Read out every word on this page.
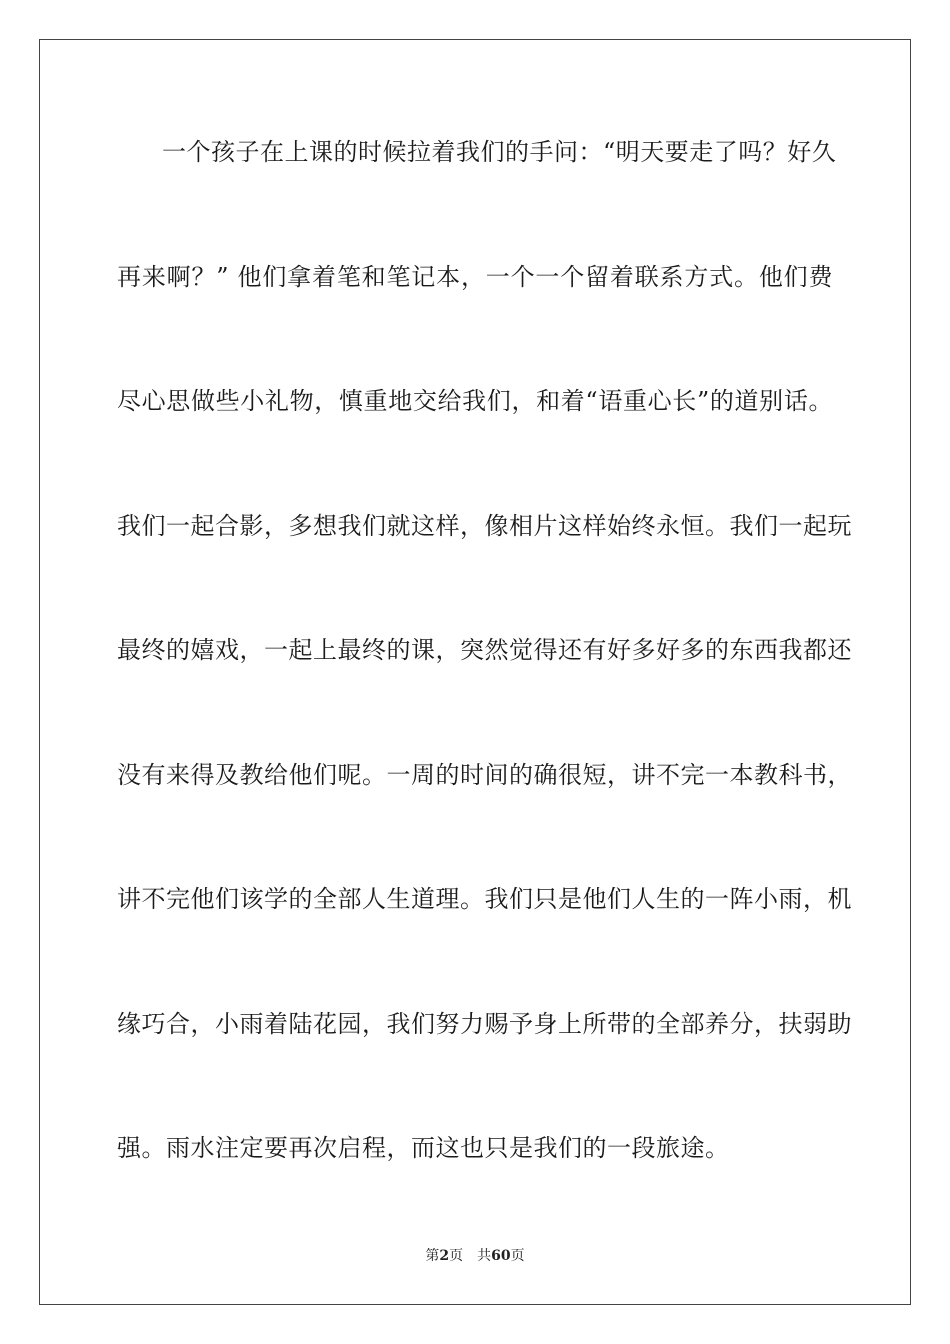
一个孩子在上课的时候拉着我们的手问：“明天要走了吗？好久
再来啊？” 他们拿着笔和笔记本，一个一个留着联系方式。他们费
尽心思做些小礼物，慎重地交给我们，和着“语重心长”的道别话。
我们一起合影，多想我们就这样，像相片这样始终永恒。我们一起玩
最终的嬉戏，一起上最终的课，突然觉得还有好多好多的东西我都还
没有来得及教给他们呢。一周的时间的确很短，讲不完一本教科书，
讲不完他们该学的全部人生道理。我们只是他们人生的一阵小雨，机
缘巧合，小雨着陆花园，我们努力赐予身上所带的全部养分，扶弱助
强。雨水注定要再次启程，而这也只是我们的一段旅途。
第2页 共60页
